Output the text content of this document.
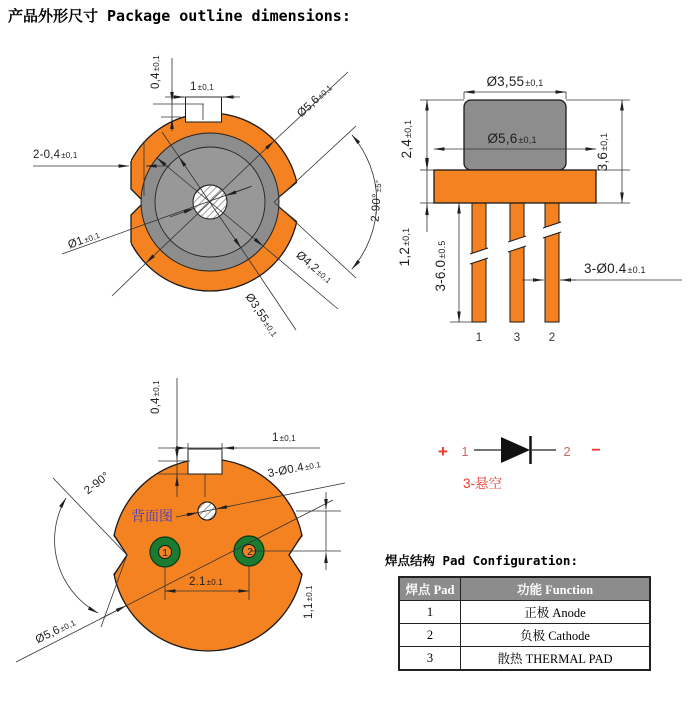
产品外形尺寸 Package outline dimensions:
Ø5,6±0,1
Ø4,2±0,1
Ø3,55±0,1
Ø1±0,1
2-90°±5°
2-0,4±0,1
0,4±0,1
1±0,1	Ø3,55±0,1
Ø5,6±0,1
2,4±0,1
1,2±0,1
3,6±0,1
3-6.0±0.5
3-Ø0.4±0.1
1	3 2
1	2
背面图
0,4±0,1
1±0,1
2-90°
Ø5,6±0,1
3-Ø0.4±0.1
2.1±0.1
1,1±0.1
+ 1	2 −
3-悬空
焊点结构 Pad Configuration:
焊点 Pad	功能 Function
1	正极 Anode
2	负极 Cathode
3	散热 THERMAL PAD
